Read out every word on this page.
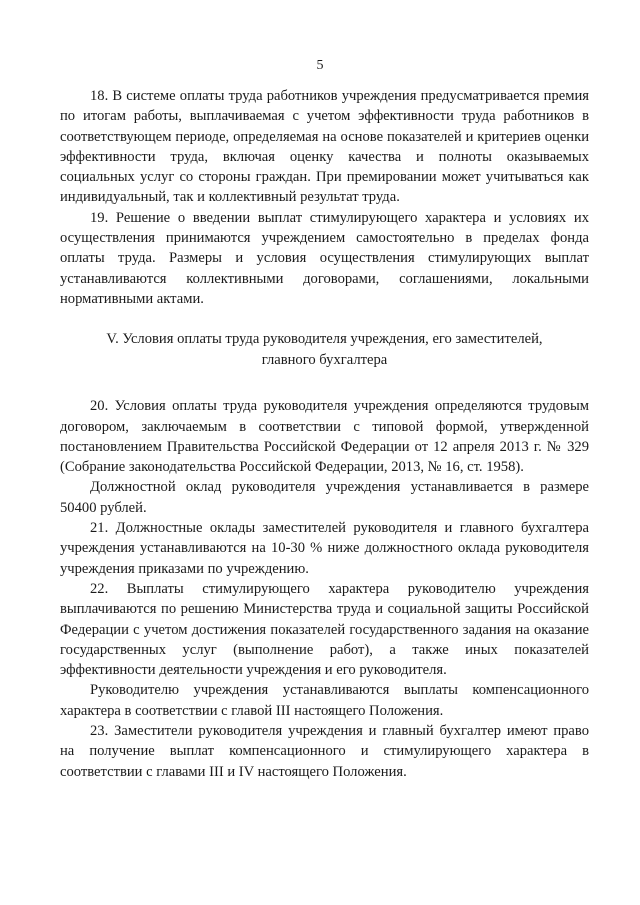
5

18. В системе оплаты труда работников учреждения предусматривается премия по итогам работы, выплачиваемая с учетом эффективности труда работников в соответствующем периоде, определяемая на основе показателей и критериев оценки эффективности труда, включая оценку качества и полноты оказываемых социальных услуг со стороны граждан. При премировании может учитываться как индивидуальный, так и коллективный результат труда.

19. Решение о введении выплат стимулирующего характера и условиях их осуществления принимаются учреждением самостоятельно в пределах фонда оплаты труда. Размеры и условия осуществления стимулирующих выплат устанавливаются коллективными договорами, соглашениями, локальными нормативными актами.

V. Условия оплаты труда руководителя учреждения, его заместителей,
главного бухгалтера

20. Условия оплаты труда руководителя учреждения определяются трудовым договором, заключаемым в соответствии с типовой формой, утвержденной постановлением Правительства Российской Федерации от 12 апреля 2013 г. № 329 (Собрание законодательства Российской Федерации, 2013, № 16, ст. 1958).

Должностной оклад руководителя учреждения устанавливается в размере 50400 рублей.

21. Должностные оклады заместителей руководителя и главного бухгалтера учреждения устанавливаются на 10-30 % ниже должностного оклада руководителя учреждения приказами по учреждению.

22. Выплаты стимулирующего характера руководителю учреждения выплачиваются по решению Министерства труда и социальной защиты Российской Федерации с учетом достижения показателей государственного задания на оказание государственных услуг (выполнение работ), а также иных показателей эффективности деятельности учреждения и его руководителя.

Руководителю учреждения устанавливаются выплаты компенсационного характера в соответствии с главой III настоящего Положения.

23. Заместители руководителя учреждения и главный бухгалтер имеют право на получение выплат компенсационного и стимулирующего характера в соответствии с главами III и IV настоящего Положения.
